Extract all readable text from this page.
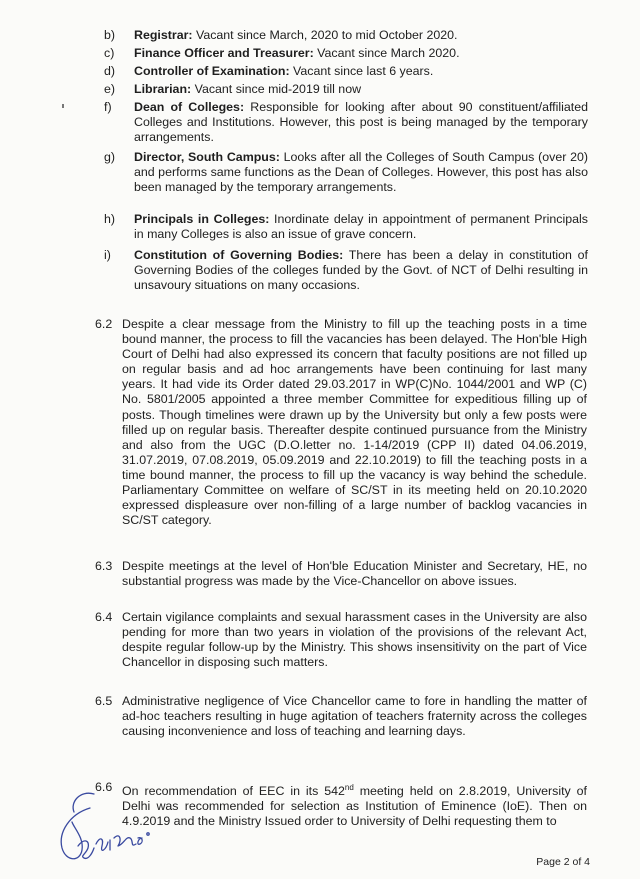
b)	Registrar: Vacant since March, 2020 to mid October 2020.
c)	Finance Officer and Treasurer: Vacant since March 2020.
d)	Controller of Examination: Vacant since last 6 years.
e)	Librarian: Vacant since mid-2019 till now
f)	Dean of Colleges: Responsible for looking after about 90 constituent/affiliated Colleges and Institutions. However, this post is being managed by the temporary arrangements.
g)	Director, South Campus: Looks after all the Colleges of South Campus (over 20) and performs same functions as the Dean of Colleges. However, this post has also been managed by the temporary arrangements.
h)	Principals in Colleges: Inordinate delay in appointment of permanent Principals in many Colleges is also an issue of grave concern.
i)	Constitution of Governing Bodies: There has been a delay in constitution of Governing Bodies of the colleges funded by the Govt. of NCT of Delhi resulting in unsavoury situations on many occasions.
6.2 Despite a clear message from the Ministry to fill up the teaching posts in a time bound manner, the process to fill the vacancies has been delayed. The Hon'ble High Court of Delhi had also expressed its concern that faculty positions are not filled up on regular basis and ad hoc arrangements have been continuing for last many years. It had vide its Order dated 29.03.2017 in WP(C)No. 1044/2001 and WP (C) No. 5801/2005 appointed a three member Committee for expeditious filling up of posts. Though timelines were drawn up by the University but only a few posts were filled up on regular basis. Thereafter despite continued pursuance from the Ministry and also from the UGC (D.O.letter no. 1-14/2019 (CPP II) dated 04.06.2019, 31.07.2019, 07.08.2019, 05.09.2019 and 22.10.2019) to fill the teaching posts in a time bound manner, the process to fill up the vacancy is way behind the schedule. Parliamentary Committee on welfare of SC/ST in its meeting held on 20.10.2020 expressed displeasure over non-filling of a large number of backlog vacancies in SC/ST category.
6.3 Despite meetings at the level of Hon'ble Education Minister and Secretary, HE, no substantial progress was made by the Vice-Chancellor on above issues.
6.4 Certain vigilance complaints and sexual harassment cases in the University are also pending for more than two years in violation of the provisions of the relevant Act, despite regular follow-up by the Ministry. This shows insensitivity on the part of Vice Chancellor in disposing such matters.
6.5 Administrative negligence of Vice Chancellor came to fore in handling the matter of ad-hoc teachers resulting in huge agitation of teachers fraternity across the colleges causing inconvenience and loss of teaching and learning days.
6.6 On recommendation of EEC in its 542nd meeting held on 2.8.2019, University of Delhi was recommended for selection as Institution of Eminence (IoE). Then on 4.9.2019 and the Ministry Issued order to University of Delhi requesting them to
Page 2 of 4
